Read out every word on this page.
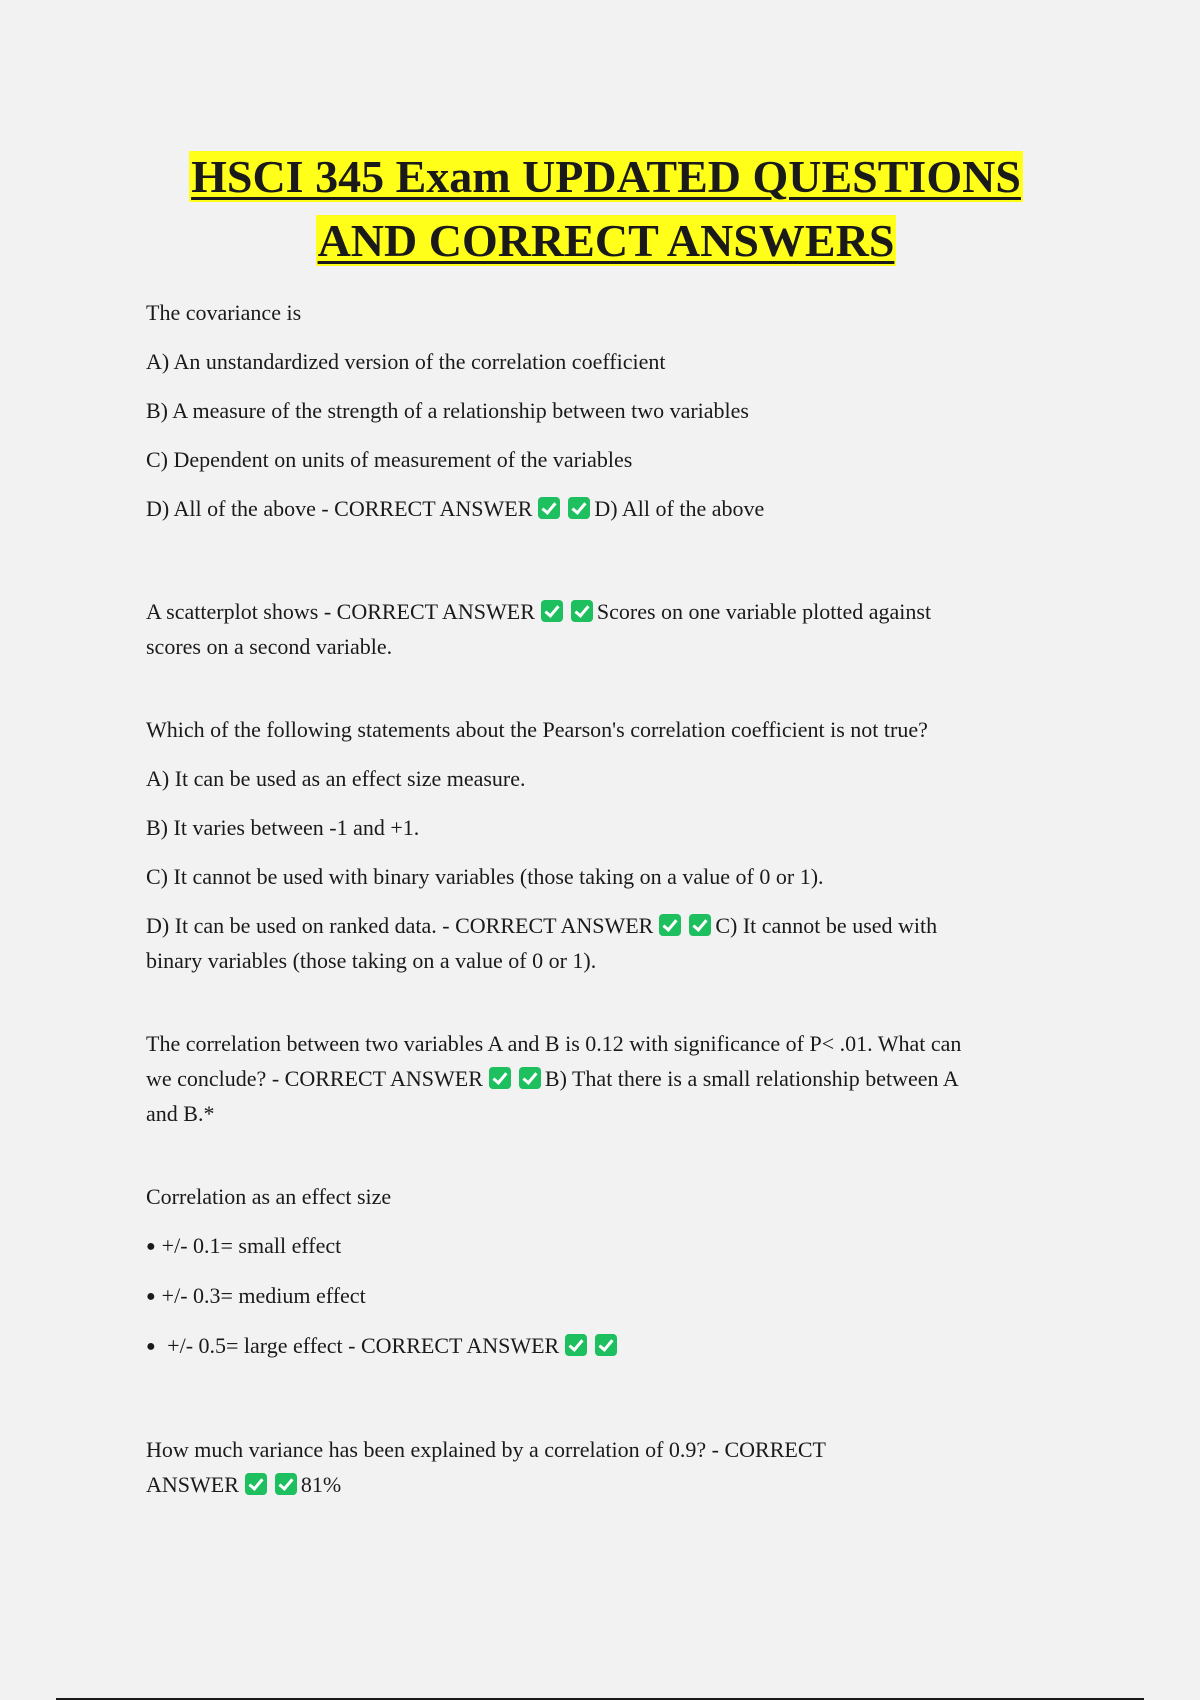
HSCI 345 Exam UPDATED QUESTIONS
AND CORRECT ANSWERS
The covariance is
A) An unstandardized version of the correlation coefficient
B) A measure of the strength of a relationship between two variables
C) Dependent on units of measurement of the variables
D) All of the above - CORRECT ANSWER	D) All of the above
A scatterplot shows - CORRECT ANSWER	Scores on one variable plotted against
scores on a second variable.
Which of the following statements about the Pearson's correlation coefficient is not true?
A) It can be used as an effect size measure.
B) It varies between -1 and +1.
C) It cannot be used with binary variables (those taking on a value of 0 or 1).
D) It can be used on ranked data. - CORRECT ANSWER	C) It cannot be used with
binary variables (those taking on a value of 0 or 1).
The correlation between two variables A and B is 0.12 with significance of P< .01. What can
we conclude? - CORRECT ANSWER	B) That there is a small relationship between A
and B.*
Correlation as an effect size
● +/- 0.1= small effect
● +/- 0.3= medium effect
● +/- 0.5= large effect - CORRECT ANSWER
How much variance has been explained by a correlation of 0.9? - CORRECT
ANSWER	81%
